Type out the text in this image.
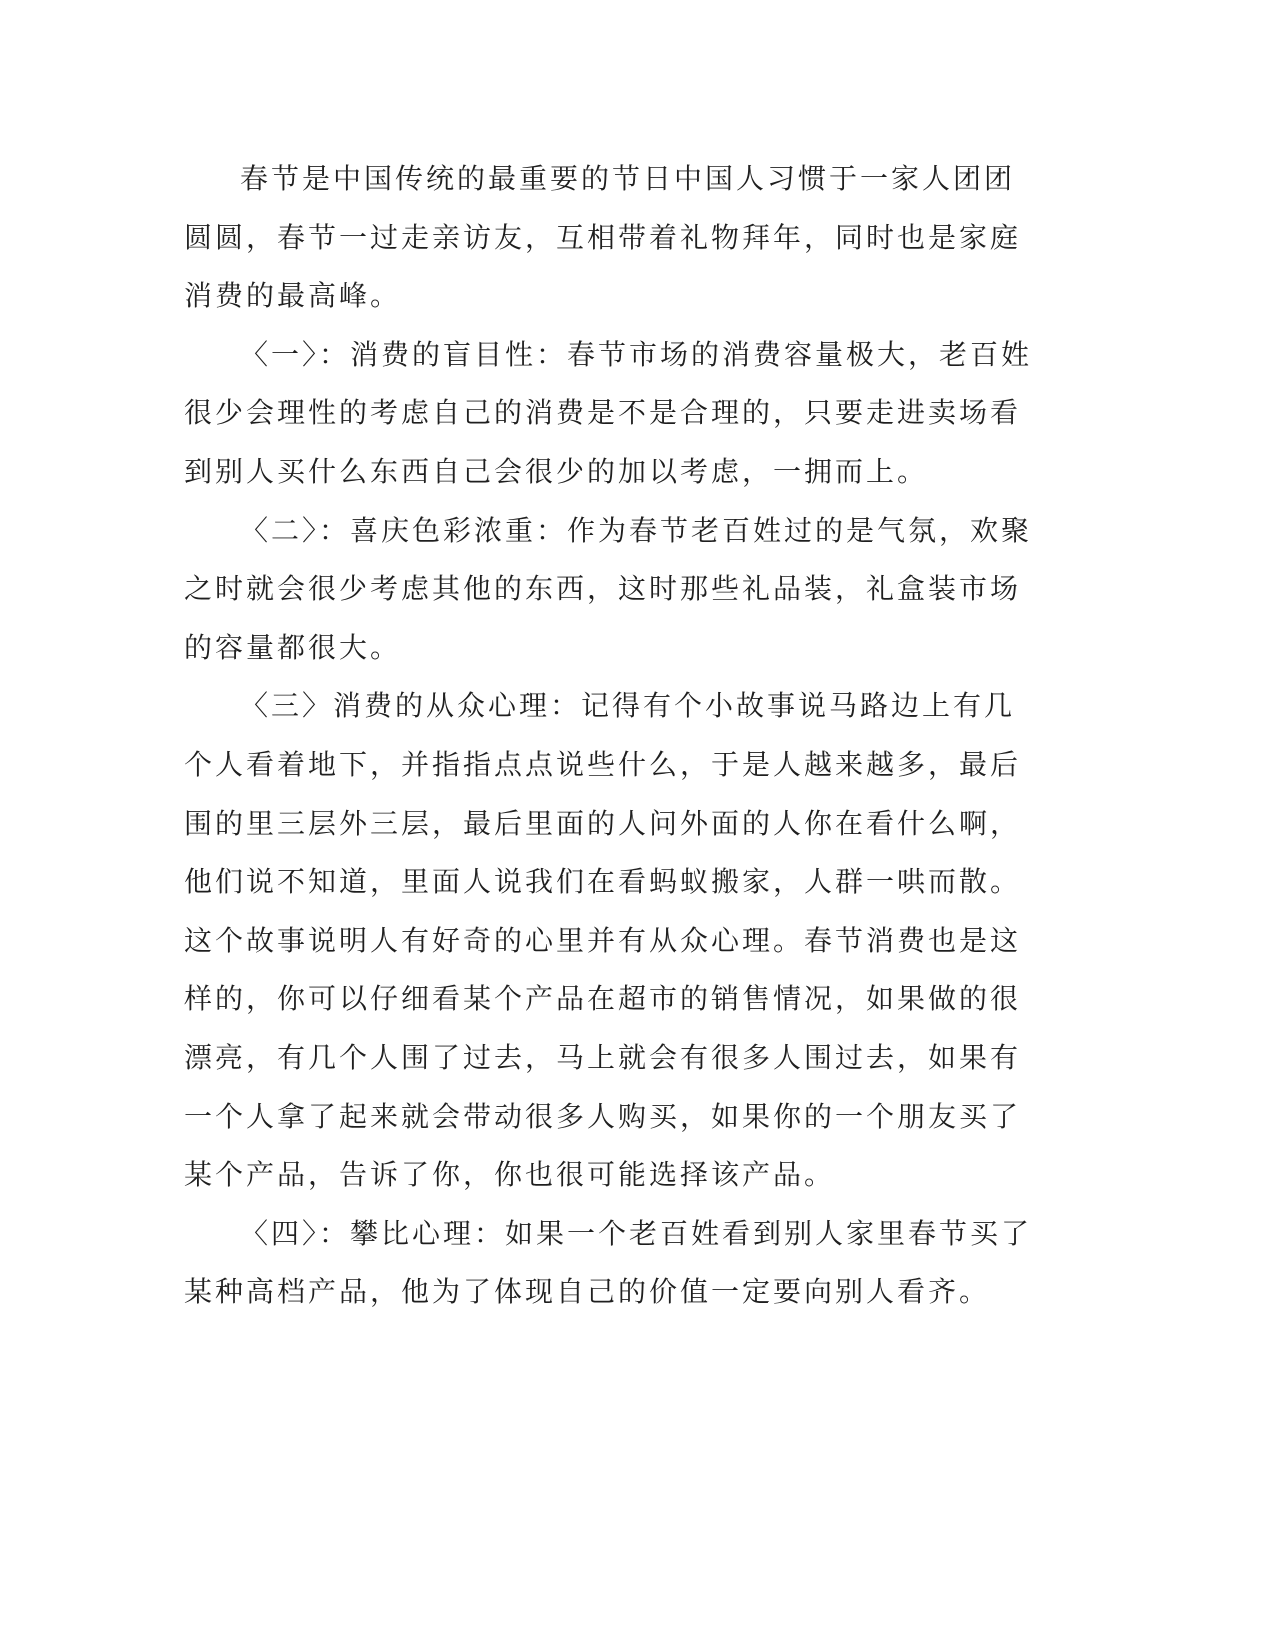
春节是中国传统的最重要的节日中国人习惯于一家人团团圆圆，春节一过走亲访友，互相带着礼物拜年，同时也是家庭消费的最高峰。

〈一〉：消费的盲目性：春节市场的消费容量极大，老百姓很少会理性的考虑自己的消费是不是合理的，只要走进卖场看到别人买什么东西自己会很少的加以考虑，一拥而上。

〈二〉：喜庆色彩浓重：作为春节老百姓过的是气氛，欢聚之时就会很少考虑其他的东西，这时那些礼品装，礼盒装市场的容量都很大。

〈三〉消费的从众心理：记得有个小故事说马路边上有几个人看着地下，并指指点点说些什么，于是人越来越多，最后围的里三层外三层，最后里面的人问外面的人你在看什么啊，他们说不知道，里面人说我们在看蚂蚁搬家，人群一哄而散。这个故事说明人有好奇的心里并有从众心理。春节消费也是这样的，你可以仔细看某个产品在超市的销售情况，如果做的很漂亮，有几个人围了过去，马上就会有很多人围过去，如果有一个人拿了起来就会带动很多人购买，如果你的一个朋友买了某个产品，告诉了你，你也很可能选择该产品。

〈四〉：攀比心理：如果一个老百姓看到别人家里春节买了某种高档产品，他为了体现自己的价值一定要向别人看齐。
